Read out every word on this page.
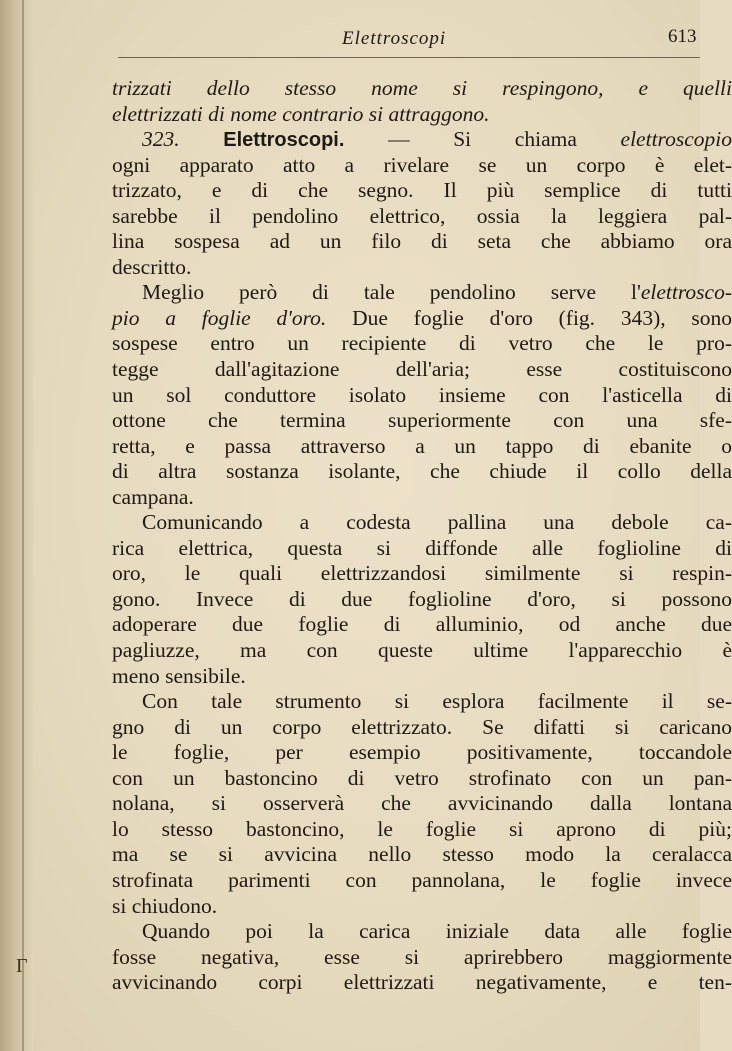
Elettroscopi	613
trizzati dello stesso nome si respingono, e quelli
elettrizzati di nome contrario si attraggono.
323. Elettroscopi. — Si chiama elettroscopio
ogni apparato atto a rivelare se un corpo è elet-
trizzato, e di che segno. Il più semplice di tutti
sarebbe il pendolino elettrico, ossia la leggiera pal-
lina sospesa ad un filo di seta che abbiamo ora
descritto.
Meglio però di tale pendolino serve l'elettrosco-
pio a foglie d'oro. Due foglie d'oro (fig. 343), sono
sospese entro un recipiente di vetro che le pro-
tegge dall'agitazione dell'aria; esse costituiscono
un sol conduttore isolato insieme con l'asticella di
ottone che termina superiormente con una sfe-
retta, e passa attraverso a un tappo di ebanite o
di altra sostanza isolante, che chiude il collo della
campana.
Comunicando a codesta pallina una debole ca-
rica elettrica, questa si diffonde alle foglioline di
oro, le quali elettrizzandosi similmente si respin-
gono. Invece di due foglioline d'oro, si possono
adoperare due foglie di alluminio, od anche due
pagliuzze, ma con queste ultime l'apparecchio è
meno sensibile.
Con tale strumento si esplora facilmente il se-
gno di un corpo elettrizzato. Se difatti si caricano
le foglie, per esempio positivamente, toccandole
con un bastoncino di vetro strofinato con un pan-
nolana, si osserverà che avvicinando dalla lontana
lo stesso bastoncino, le foglie si aprono di più;
ma se si avvicina nello stesso modo la ceralacca
strofinata parimenti con pannolana, le foglie invece
si chiudono.
Quando poi la carica iniziale data alle foglie
fosse negativa, esse si aprirebbero maggiormente
avvicinando corpi elettrizzati negativamente, e ten-
Γ
